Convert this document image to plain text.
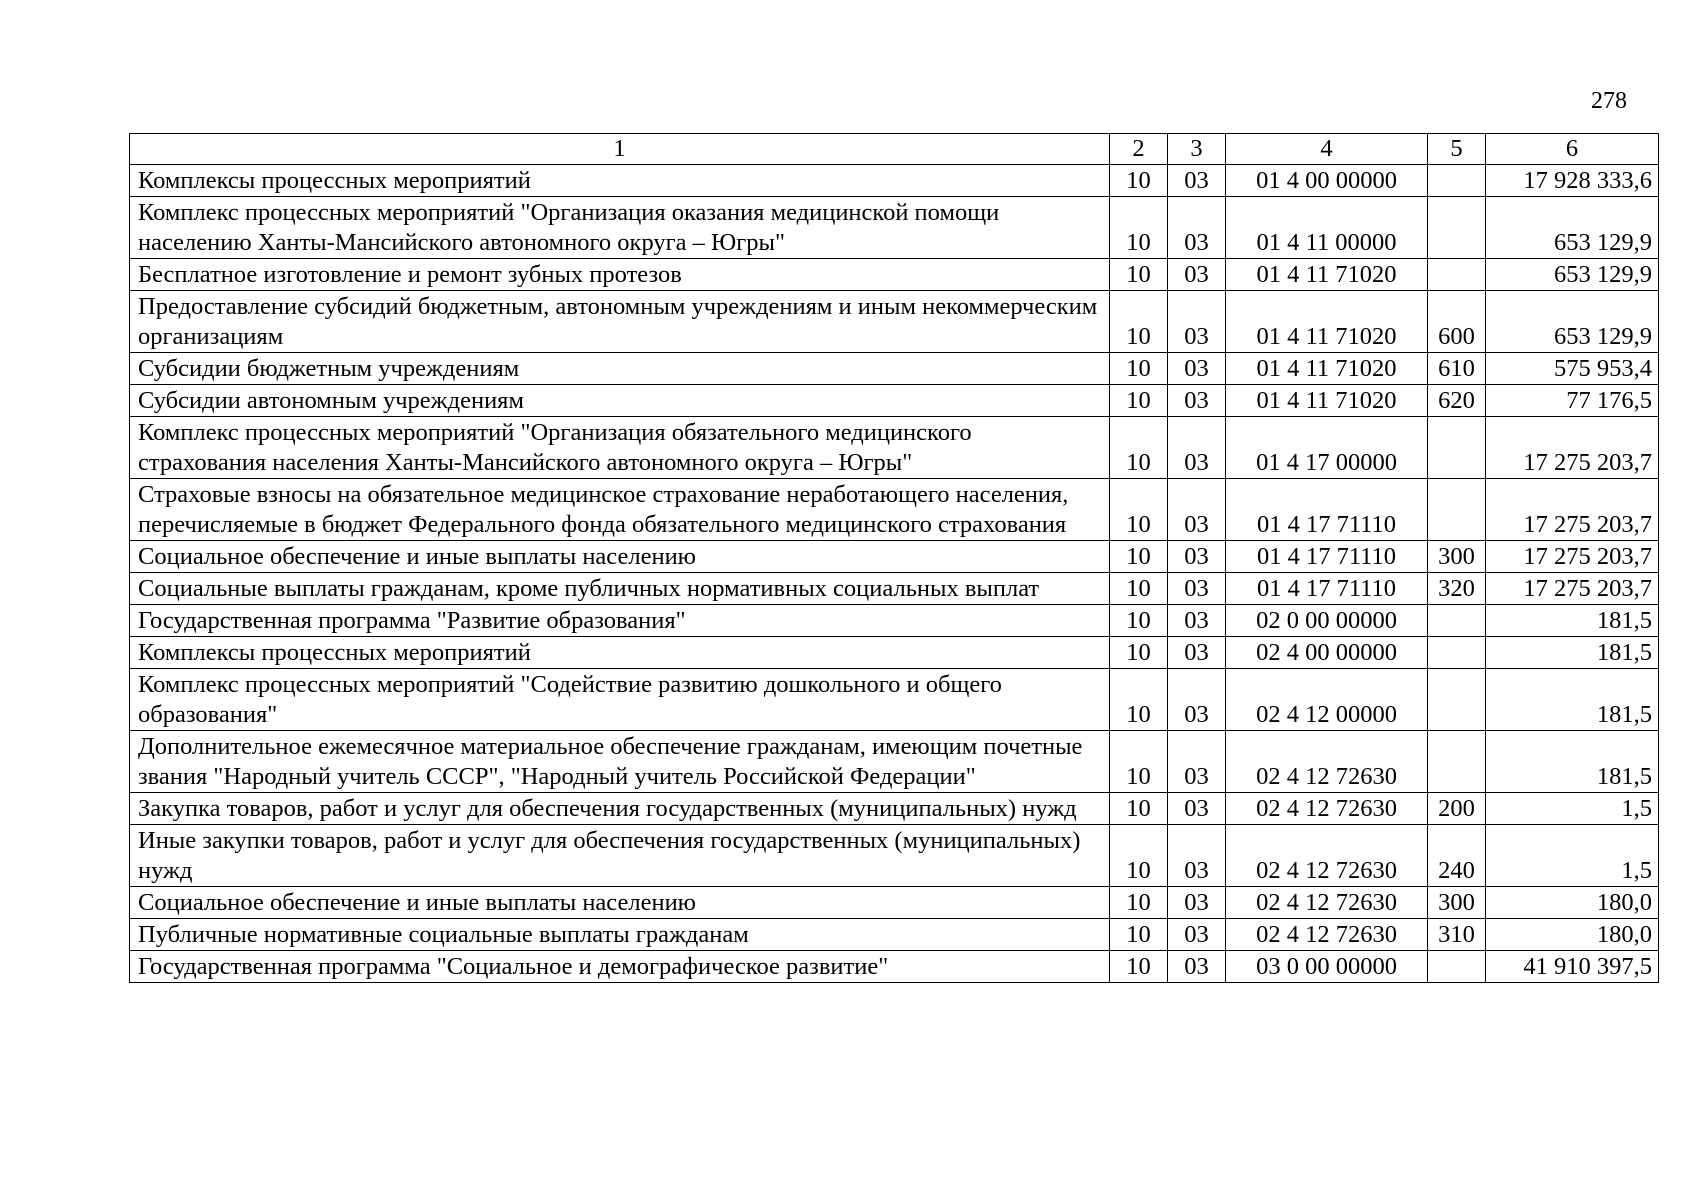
278
1	2	3	4	5	6
Комплексы процессных мероприятий	10	03	01 4 00 00000		17 928 333,6
Комплекс процессных мероприятий "Организация оказания медицинской помощи населению Ханты-Мансийского автономного округа – Югры"	10	03	01 4 11 00000		653 129,9
Бесплатное изготовление и ремонт зубных протезов	10	03	01 4 11 71020		653 129,9
Предоставление субсидий бюджетным, автономным учреждениям и иным некоммерческим организациям	10	03	01 4 11 71020	600	653 129,9
Субсидии бюджетным учреждениям	10	03	01 4 11 71020	610	575 953,4
Субсидии автономным учреждениям	10	03	01 4 11 71020	620	77 176,5
Комплекс процессных мероприятий "Организация обязательного медицинского страхования населения Ханты-Мансийского автономного округа – Югры"	10	03	01 4 17 00000		17 275 203,7
Страховые взносы на обязательное медицинское страхование неработающего населения, перечисляемые в бюджет Федерального фонда обязательного медицинского страхования	10	03	01 4 17 71110		17 275 203,7
Социальное обеспечение и иные выплаты населению	10	03	01 4 17 71110	300	17 275 203,7
Социальные выплаты гражданам, кроме публичных нормативных социальных выплат	10	03	01 4 17 71110	320	17 275 203,7
Государственная программа "Развитие образования"	10	03	02 0 00 00000		181,5
Комплексы процессных мероприятий	10	03	02 4 00 00000		181,5
Комплекс процессных мероприятий "Содействие развитию дошкольного и общего образования"	10	03	02 4 12 00000		181,5
Дополнительное ежемесячное материальное обеспечение гражданам, имеющим почетные звания "Народный учитель СССР", "Народный учитель Российской Федерации"	10	03	02 4 12 72630		181,5
Закупка товаров, работ и услуг для обеспечения государственных (муниципальных) нужд	10	03	02 4 12 72630	200	1,5
Иные закупки товаров, работ и услуг для обеспечения государственных (муниципальных) нужд	10	03	02 4 12 72630	240	1,5
Социальное обеспечение и иные выплаты населению	10	03	02 4 12 72630	300	180,0
Публичные нормативные социальные выплаты гражданам	10	03	02 4 12 72630	310	180,0
Государственная программа "Социальное и демографическое развитие"	10	03	03 0 00 00000		41 910 397,5
